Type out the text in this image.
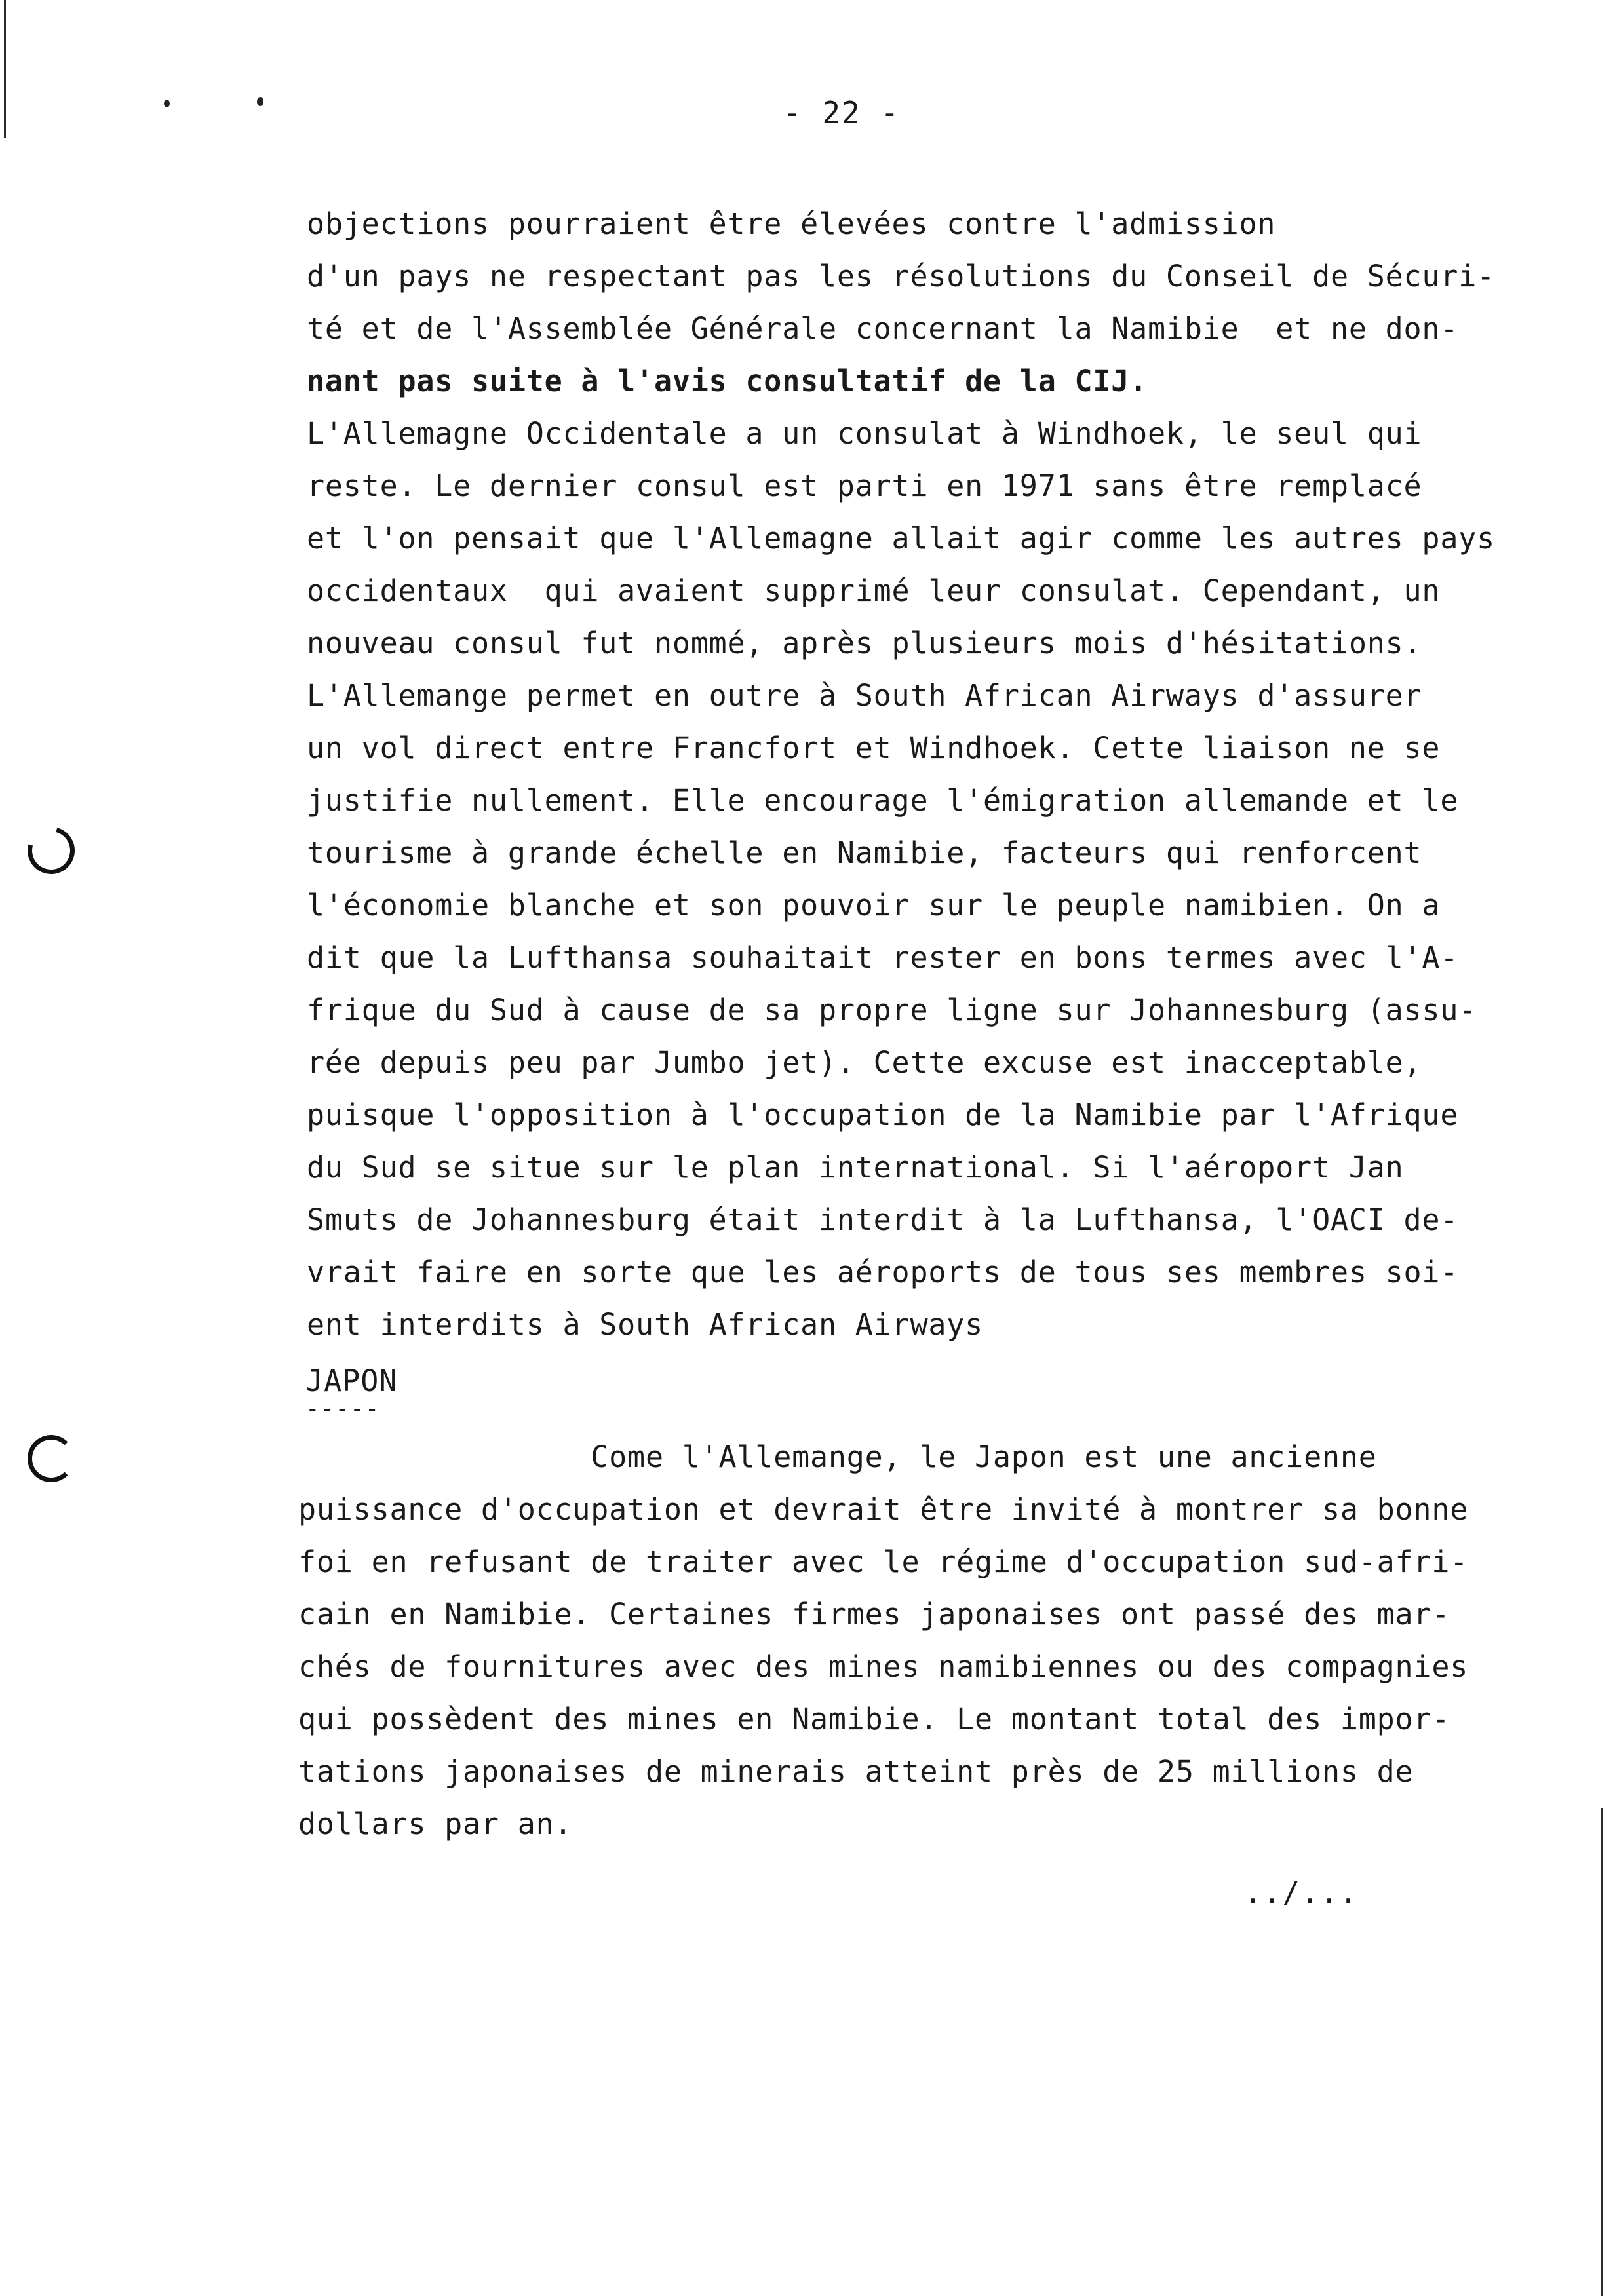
- 22 -
objections pourraient être élevées contre l'admission
d'un pays ne respectant pas les résolutions du Conseil de Sécuri-
té et de l'Assemblée Générale concernant la Namibie  et ne don-
nant pas suite à l'avis consultatif de la CIJ.
L'Allemagne Occidentale a un consulat à Windhoek, le seul qui
reste. Le dernier consul est parti en 1971 sans être remplacé
et l'on pensait que l'Allemagne allait agir comme les autres pays
occidentaux  qui avaient supprimé leur consulat. Cependant, un
nouveau consul fut nommé, après plusieurs mois d'hésitations.
L'Allemange permet en outre à South African Airways d'assurer
un vol direct entre Francfort et Windhoek. Cette liaison ne se
justifie nullement. Elle encourage l'émigration allemande et le
tourisme à grande échelle en Namibie, facteurs qui renforcent
l'économie blanche et son pouvoir sur le peuple namibien. On a
dit que la Lufthansa souhaitait rester en bons termes avec l'A-
frique du Sud à cause de sa propre ligne sur Johannesburg (assu-
rée depuis peu par Jumbo jet). Cette excuse est inacceptable,
puisque l'opposition à l'occupation de la Namibie par l'Afrique
du Sud se situe sur le plan international. Si l'aéroport Jan
Smuts de Johannesburg était interdit à la Lufthansa, l'OACI de-
vrait faire en sorte que les aéroports de tous ses membres soi-
ent interdits à South African Airways
JAPON
-----
Come l'Allemange, le Japon est une ancienne
puissance d'occupation et devrait être invité à montrer sa bonne
foi en refusant de traiter avec le régime d'occupation sud-afri-
cain en Namibie. Certaines firmes japonaises ont passé des mar-
chés de fournitures avec des mines namibiennes ou des compagnies
qui possèdent des mines en Namibie. Le montant total des impor-
tations japonaises de minerais atteint près de 25 millions de
dollars par an.
../...
